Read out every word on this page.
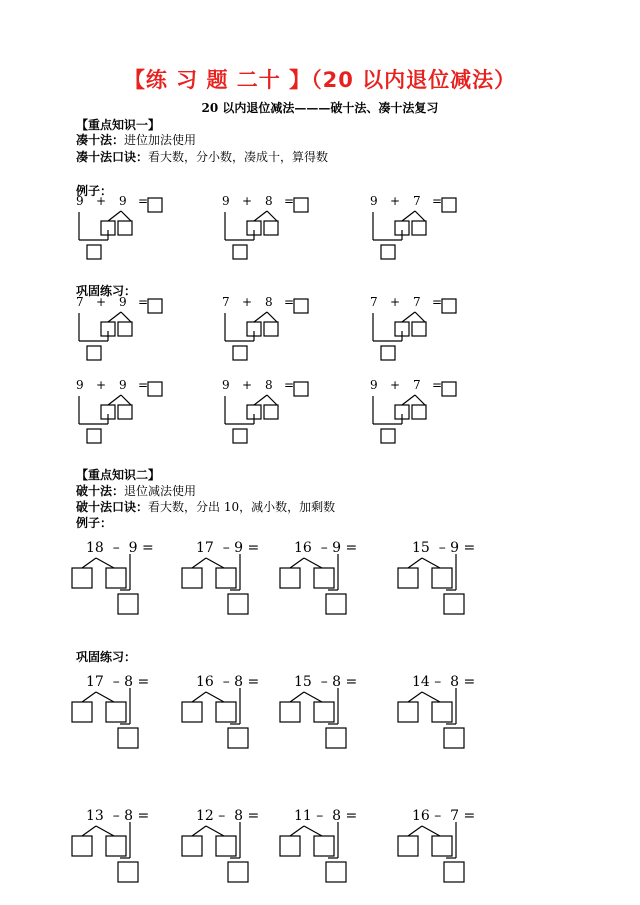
【练 习 题 二十 】（20 以内退位减法）
20 以内退位减法———破十法、凑十法复习
【重点知识一】
凑十法：进位加法使用
凑十法口诀：看大数，分小数，凑成十，算得数
例子：
巩固练习：
【重点知识二】
破十法：退位减法使用
破十法口诀：看大数，分出 10，减小数，加剩数
例子：
巩固练习：
9 + 9 =	9 + 8 =	9 + 7 =
7 + 9 =	7 + 8 =	7 + 7 =
9 + 9 =	9 + 8 =	9 + 7 =
18  –  9 =	17  – 9 = 16  – 9 =	15  – 9 =
17  – 8 =	16  – 8 = 15  – 8 =	14 –  8 =
13  – 8 =	12 –  8 = 11 –  8 =	16 –  7 =
